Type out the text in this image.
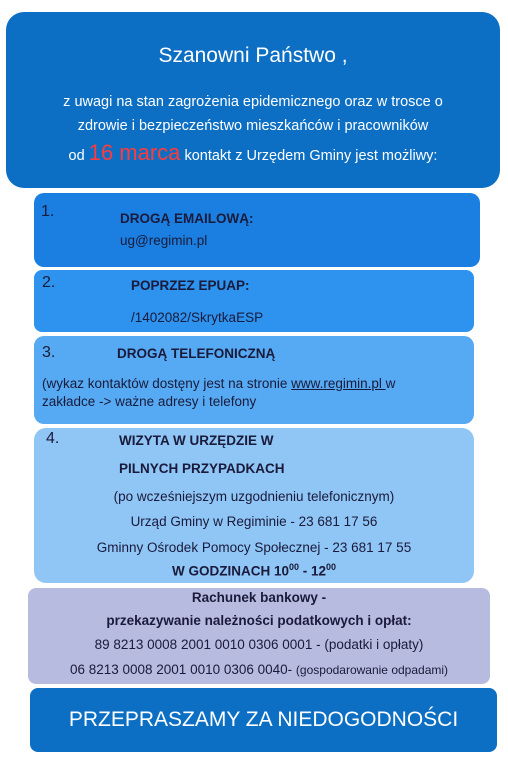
Szanowni Państwo ,
z uwagi na stan zagrożenia epidemicznego oraz w trosce o
zdrowie i bezpieczeństwo mieszkańców i pracowników
od 16 marca kontakt z Urzędem Gminy jest możliwy:
1.	DROGĄ EMAILOWĄ:
ug@regimin.pl
2.	POPRZEZ EPUAP:
/1402082/SkrytkaESP
3.	DROGĄ TELEFONICZNĄ
(wykaz kontaktów dostęny jest na stronie www.regimin.pl w
zakładce -> ważne adresy i telefony
4.	WIZYTA W URZĘDZIE W
PILNYCH PRZYPADKACH
(po wcześniejszym uzgodnieniu telefonicznym)
Urząd Gminy w Regiminie - 23 681 17 56
Gminny Ośrodek Pomocy Społecznej - 23 681 17 55
W GODZINACH $10^{00} - 12^{00}$
Rachunek bankowy -
przekazywanie należności podatkowych i opłat:
89 8213 0008 2001 0010 0306 0001 - (podatki i opłaty)
06 8213 0008 2001 0010 0306 0040- (gospodarowanie odpadami)
PRZEPRASZAMY ZA NIEDOGODNOŚCI
